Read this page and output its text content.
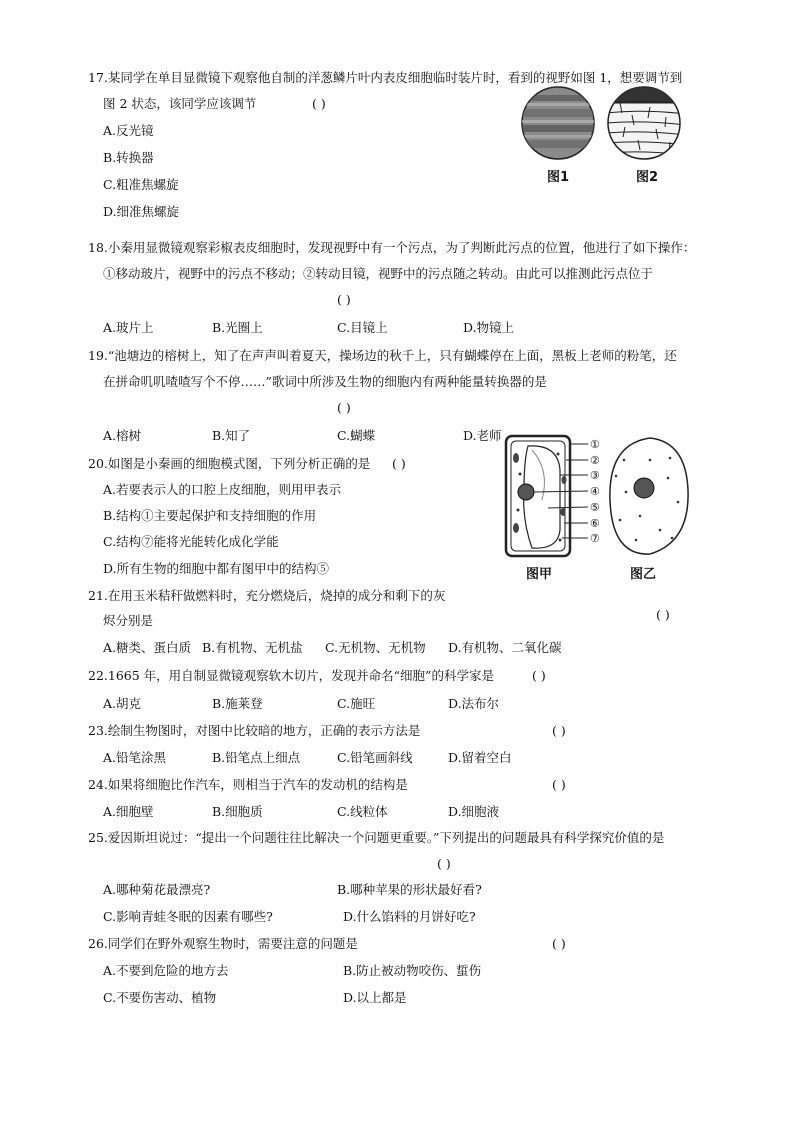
17.某同学在单目显微镜下观察他自制的洋葱鳞片叶内表皮细胞临时装片时，看到的视野如图 1，想要调节到
图 2 状态，该同学应该调节	( )
A.反光镜
B.转换器
C.粗准焦螺旋
D.细准焦螺旋
图1	图2
18.小秦用显微镜观察彩椒表皮细胞时，发现视野中有一个污点，为了判断此污点的位置，他进行了如下操作：
①移动玻片，视野中的污点不移动；②转动目镜，视野中的污点随之转动。由此可以推测此污点位于
( )
A.玻片上	B.光圈上	C.目镜上	D.物镜上
19.“池塘边的榕树上，知了在声声叫着夏天，操场边的秋千上，只有蝴蝶停在上面，黑板上老师的粉笔，还
在拼命叽叽喳喳写个不停……”歌词中所涉及生物的细胞内有两种能量转换器的是
( )
A.榕树	B.知了	C.蝴蝶	D.老师
20.如图是小秦画的细胞模式图，下列分析正确的是 ( )
A.若要表示人的口腔上皮细胞，则用甲表示
B.结构①主要起保护和支持细胞的作用
C.结构⑦能将光能转化成化学能
D.所有生物的细胞中都有图甲中的结构⑤
①
②
③
④
⑤
⑥
⑦
图甲	图乙
21.在用玉米秸秆做燃料时，充分燃烧后，烧掉的成分和剩下的灰
烬分别是	( )
A.糖类、蛋白质 B.有机物、无机盐 C.无机物、无机物 D.有机物、二氧化碳
22.1665 年，用自制显微镜观察软木切片，发现并命名“细胞”的科学家是	( )
A.胡克	B.施莱登	C.施旺	D.法布尔
23.绘制生物图时，对图中比较暗的地方，正确的表示方法是	( )
A.铅笔涂黑	B.铅笔点上细点	C.铅笔画斜线	D.留着空白
24.如果将细胞比作汽车，则相当于汽车的发动机的结构是	( )
A.细胞壁	B.细胞质	C.线粒体	D.细胞液
25.爱因斯坦说过：“提出一个问题往往比解决一个问题更重要。”下列提出的问题最具有科学探究价值的是
( )
A.哪种菊花最漂亮?	B.哪种苹果的形状最好看?
C.影响青蛙冬眠的因素有哪些?	D.什么馅料的月饼好吃?
26.同学们在野外观察生物时，需要注意的问题是	( )
A.不要到危险的地方去	B.防止被动物咬伤、蜇伤
C.不要伤害动、植物	D.以上都是
